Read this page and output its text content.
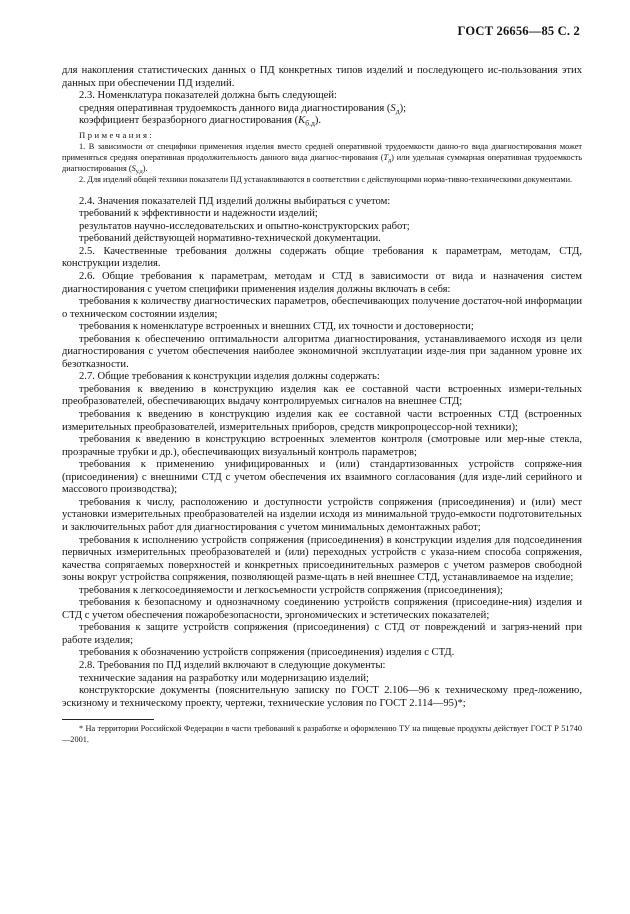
ГОСТ 26656—85 С. 2

для накопления статистических данных о ПД конкретных типов изделий и последующего ис-пользования этих данных при обеспечении ПД изделий.

2.3. Номенклатура показателей должна быть следующей:

средняя оперативная трудоемкость данного вида диагностирования $(S_д)$;

коэффициент безразборного диагностирования $(K_{б.д})$.

Примечания:

1. В зависимости от специфики применения изделия вместо средней оперативной трудоемкости данно-го вида диагностирования может применяться средняя оперативная продолжительность данного вида диагнос-тирования $(T_д)$ или удельная суммарная оперативная трудоемкость диагностирования $(S_{у.д})$.

2. Для изделий общей техники показатели ПД устанавливаются в соответствии с действующими норма-тивно-техническими документами.

2.4. Значения показателей ПД изделий должны выбираться с учетом:

требований к эффективности и надежности изделий;

результатов научно-исследовательских и опытно-конструкторских работ;

требований действующей нормативно-технической документации.

2.5. Качественные требования должны содержать общие требования к параметрам, методам, СТД, конструкции изделия.

2.6. Общие требования к параметрам, методам и СТД в зависимости от вида и назначения систем диагностирования с учетом специфики применения изделия должны включать в себя:

требования к количеству диагностических параметров, обеспечивающих получение достаточ-ной информации о техническом состоянии изделия;

требования к номенклатуре встроенных и внешних СТД, их точности и достоверности;

требования к обеспечению оптимальности алгоритма диагностирования, устанавливаемого исходя из цели диагностирования с учетом обеспечения наиболее экономичной эксплуатации изде-лия при заданном уровне их безотказности.

2.7. Общие требования к конструкции изделия должны содержать:

требования к введению в конструкцию изделия как ее составной части встроенных измери-тельных преобразователей, обеспечивающих выдачу контролируемых сигналов на внешнее СТД;

требования к введению в конструкцию изделия как ее составной части встроенных СТД (встроенных измерительных преобразователей, измерительных приборов, средств микропроцессор-ной техники);

требования к введению в конструкцию встроенных элементов контроля (смотровые или мер-ные стекла, прозрачные трубки и др.), обеспечивающих визуальный контроль параметров;

требования к применению унифицированных и (или) стандартизованных устройств сопряже-ния (присоединения) с внешними СТД с учетом обеспечения их взаимного согласования (для изде-лий серийного и массового производства);

требования к числу, расположению и доступности устройств сопряжения (присоединения) и (или) мест установки измерительных преобразователей на изделии исходя из минимальной трудо-емкости подготовительных и заключительных работ для диагностирования с учетом минимальных демонтажных работ;

требования к исполнению устройств сопряжения (присоединения) в конструкции изделия для подсоединения первичных измерительных преобразователей и (или) переходных устройств с указа-нием способа сопряжения, качества сопрягаемых поверхностей и конкретных присоединительных размеров с учетом размеров свободной зоны вокруг устройства сопряжения, позволяющей разме-щать в ней внешнее СТД, устанавливаемое на изделие;

требования к легкосоединяемости и легкосъемности устройств сопряжения (присоединения);

требования к безопасному и однозначному соединению устройств сопряжения (присоедине-ния) изделия и СТД с учетом обеспечения пожаробезопасности, эргономических и эстетических показателей;

требования к защите устройств сопряжения (присоединения) с СТД от повреждений и загряз-нений при работе изделия;

требования к обозначению устройств сопряжения (присоединения) изделия с СТД.

2.8. Требования по ПД изделий включают в следующие документы:

технические задания на разработку или модернизацию изделий;

конструкторские документы (пояснительную записку по ГОСТ 2.106—96 к техническому пред-ложению, эскизному и техническому проекту, чертежи, технические условия по ГОСТ 2.114—95)*;

* На территории Российской Федерации в части требований к разработке и оформлению ТУ на пищевые продукты действует ГОСТ Р 51740—2001.
